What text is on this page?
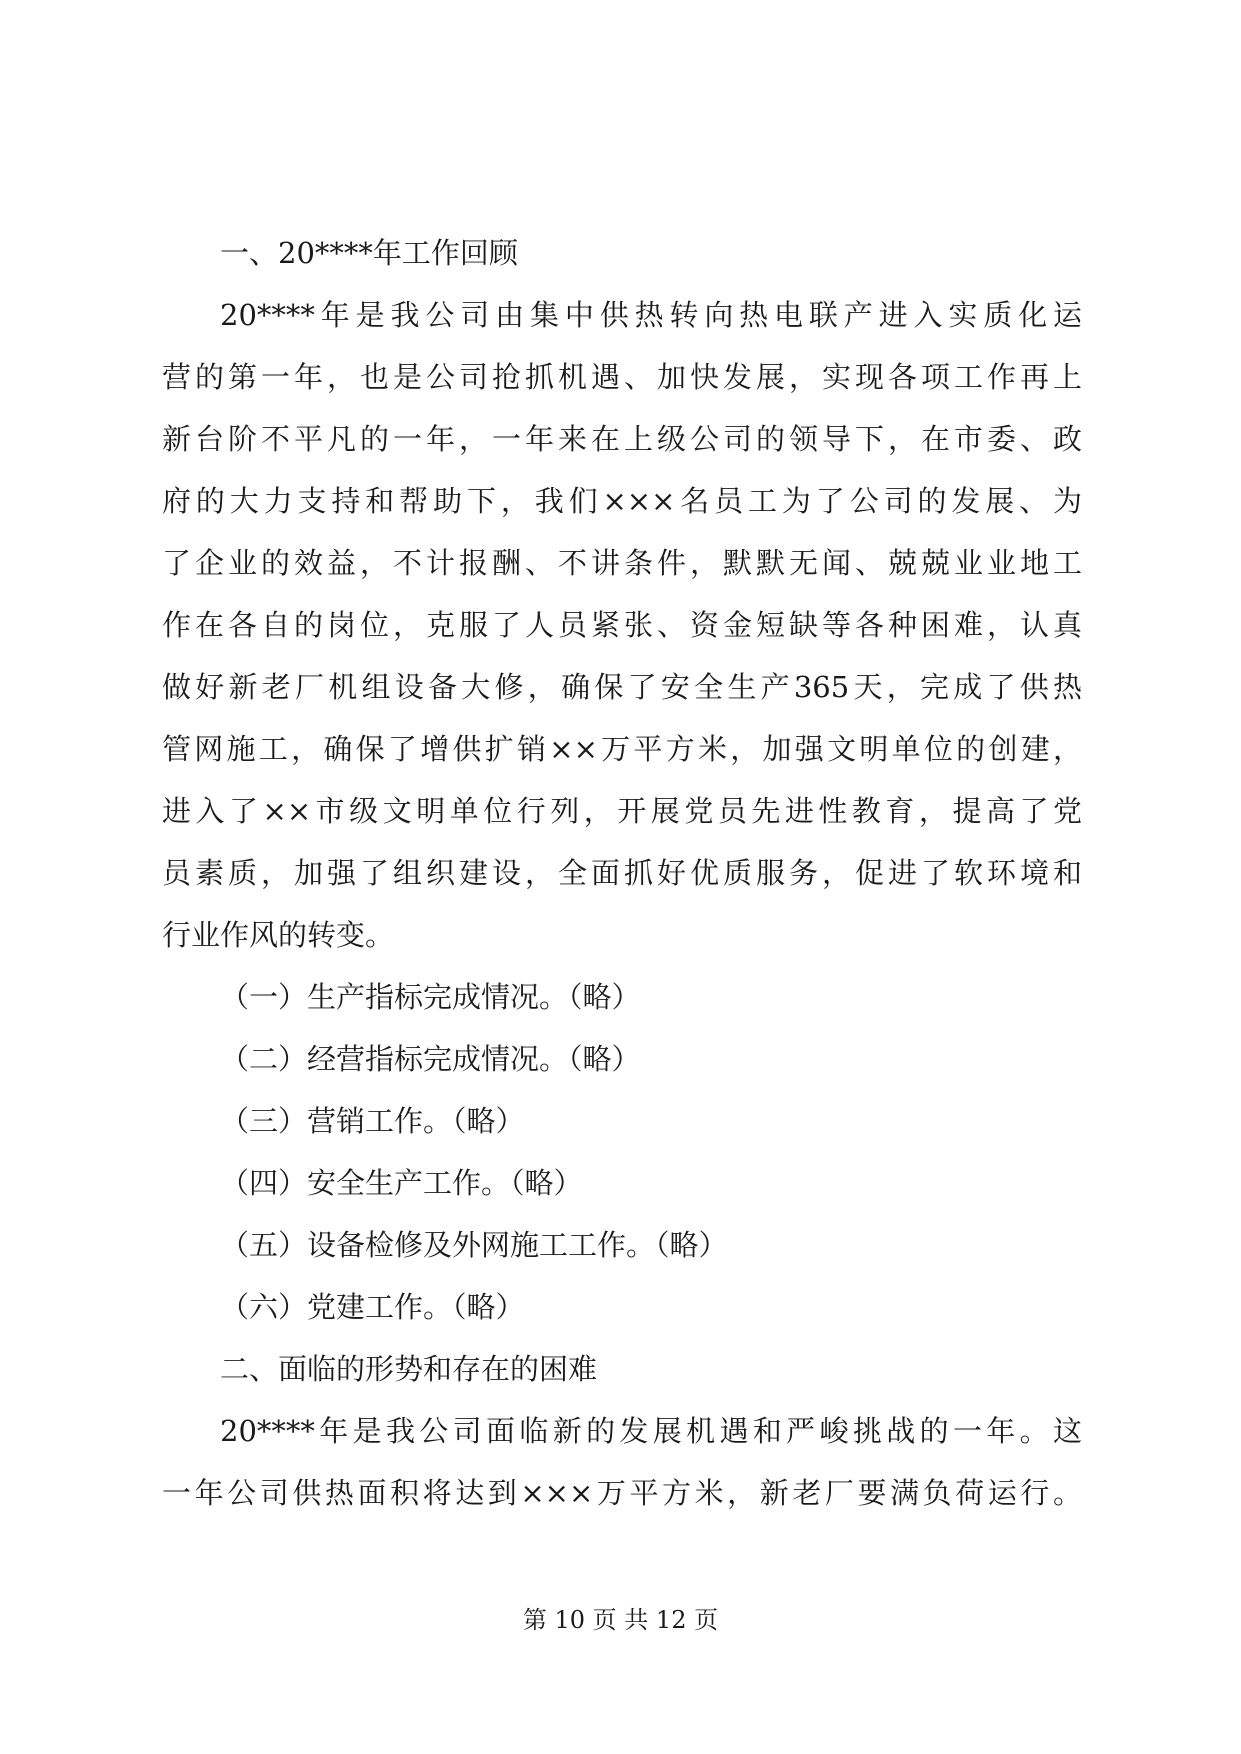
一、20****年工作回顾
20****年是我公司由集中供热转向热电联产进入实质化运
营的第一年，也是公司抢抓机遇、加快发展，实现各项工作再上
新台阶不平凡的一年，一年来在上级公司的领导下，在市委、政
府的大力支持和帮助下，我们×××名员工为了公司的发展、为
了企业的效益，不计报酬、不讲条件，默默无闻、兢兢业业地工
作在各自的岗位，克服了人员紧张、资金短缺等各种困难，认真
做好新老厂机组设备大修，确保了安全生产365天，完成了供热
管网施工，确保了增供扩销××万平方米，加强文明单位的创建，
进入了××市级文明单位行列，开展党员先进性教育，提高了党
员素质，加强了组织建设，全面抓好优质服务，促进了软环境和
行业作风的转变。
（一）生产指标完成情况。（略）
（二）经营指标完成情况。（略）
（三）营销工作。（略）
（四）安全生产工作。（略）
（五）设备检修及外网施工工作。（略）
（六）党建工作。（略）
二、面临的形势和存在的困难
20****年是我公司面临新的发展机遇和严峻挑战的一年。这
一年公司供热面积将达到×××万平方米，新老厂要满负荷运行。
第 10 页 共 12 页
